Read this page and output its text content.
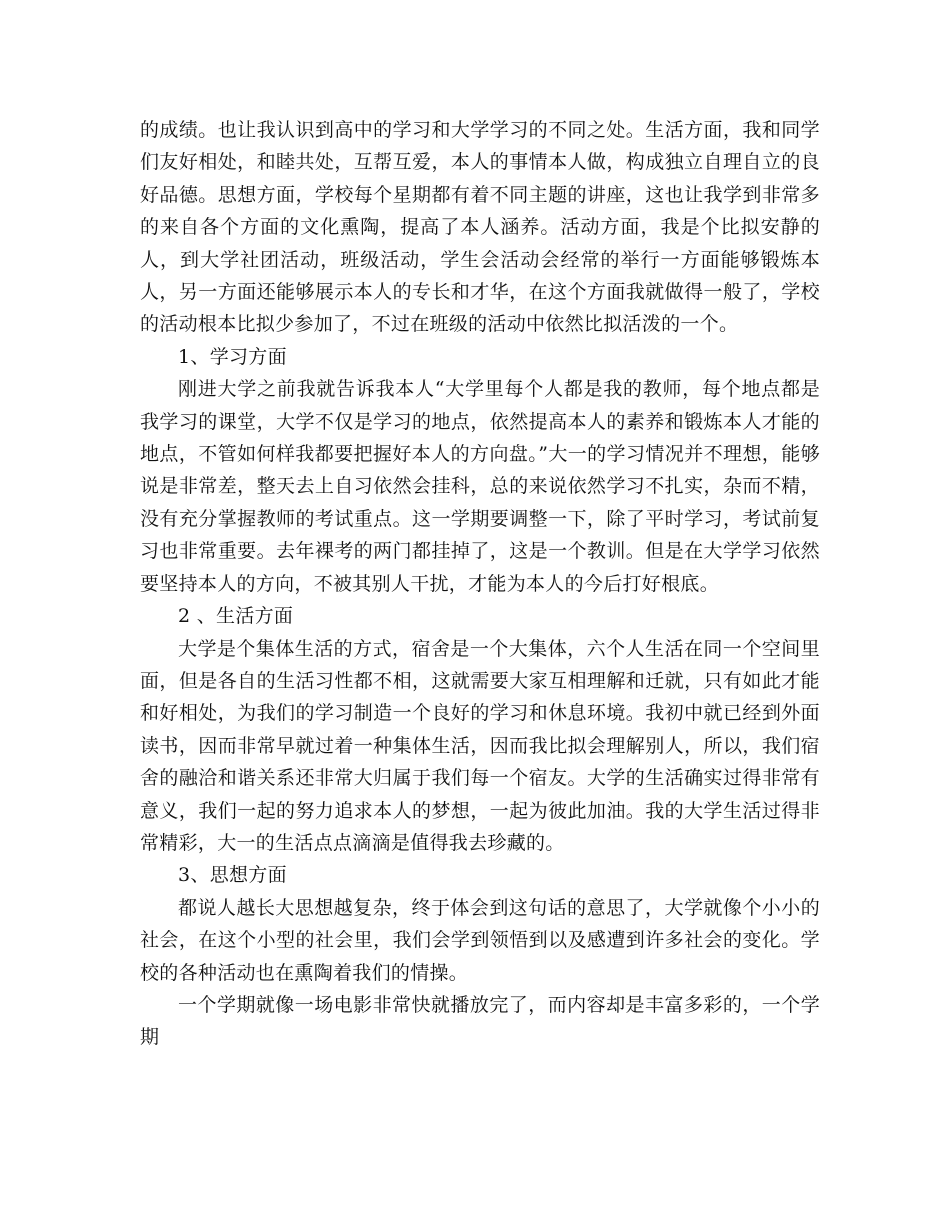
的成绩。也让我认识到高中的学习和大学学习的不同之处。生活方面，我和同学们友好相处，和睦共处，互帮互爱，本人的事情本人做，构成独立自理自立的良好品德。思想方面，学校每个星期都有着不同主题的讲座，这也让我学到非常多的来自各个方面的文化熏陶，提高了本人涵养。活动方面，我是个比拟安静的人，到大学社团活动，班级活动，学生会活动会经常的举行一方面能够锻炼本人，另一方面还能够展示本人的专长和才华，在这个方面我就做得一般了，学校的活动根本比拟少参加了，不过在班级的活动中依然比拟活泼的一个。

1、学习方面

刚进大学之前我就告诉我本人“大学里每个人都是我的教师，每个地点都是我学习的课堂，大学不仅是学习的地点，依然提高本人的素养和锻炼本人才能的地点，不管如何样我都要把握好本人的方向盘。”大一的学习情况并不理想，能够说是非常差，整天去上自习依然会挂科，总的来说依然学习不扎实，杂而不精，没有充分掌握教师的考试重点。这一学期要调整一下，除了平时学习，考试前复习也非常重要。去年裸考的两门都挂掉了，这是一个教训。但是在大学学习依然要坚持本人的方向，不被其别人干扰，才能为本人的今后打好根底。

2 、生活方面

大学是个集体生活的方式，宿舍是一个大集体，六个人生活在同一个空间里面，但是各自的生活习性都不相，这就需要大家互相理解和迁就，只有如此才能和好相处，为我们的学习制造一个良好的学习和休息环境。我初中就已经到外面读书，因而非常早就过着一种集体生活，因而我比拟会理解别人，所以，我们宿舍的融洽和谐关系还非常大归属于我们每一个宿友。大学的生活确实过得非常有意义，我们一起的努力追求本人的梦想，一起为彼此加油。我的大学生活过得非常精彩，大一的生活点点滴滴是值得我去珍藏的。

3、思想方面

都说人越长大思想越复杂，终于体会到这句话的意思了，大学就像个小小的社会，在这个小型的社会里，我们会学到领悟到以及感遭到许多社会的变化。学校的各种活动也在熏陶着我们的情操。

一个学期就像一场电影非常快就播放完了，而内容却是丰富多彩的，一个学期
